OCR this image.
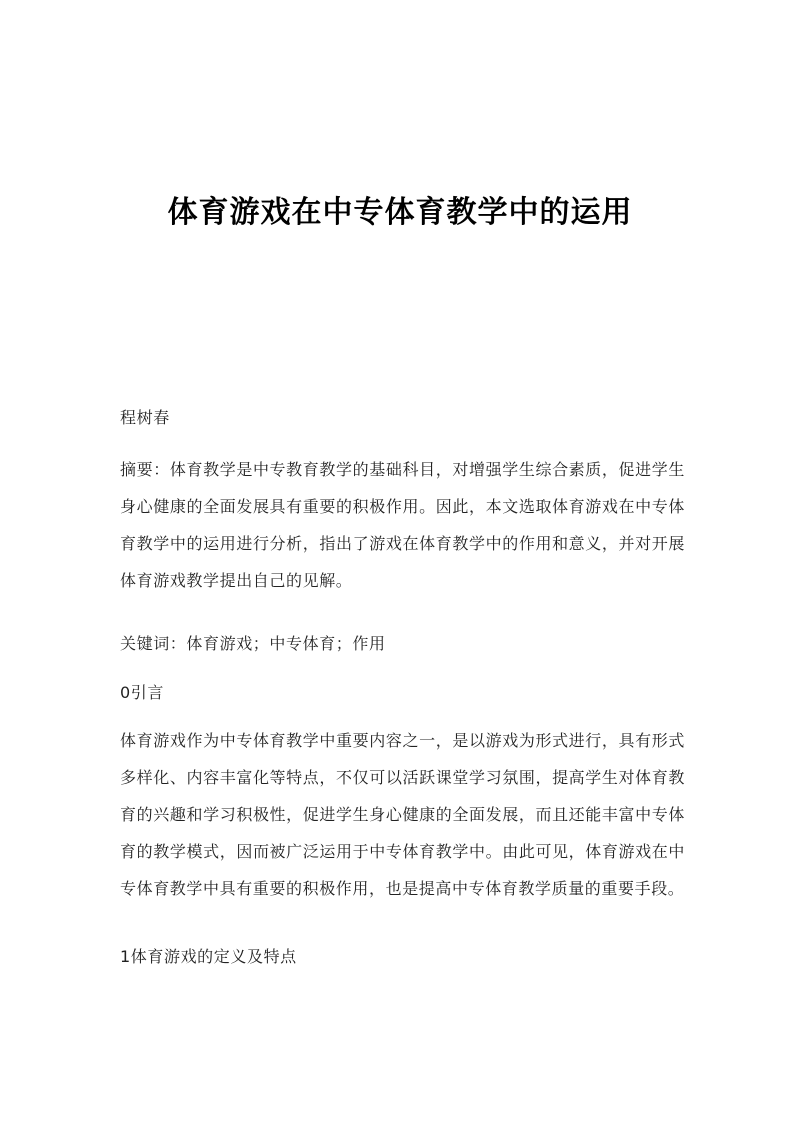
体育游戏在中专体育教学中的运用
程树春
摘要：体育教学是中专教育教学的基础科目，对增强学生综合素质，促进学生身心健康的全面发展具有重要的积极作用。因此，本文选取体育游戏在中专体育教学中的运用进行分析，指出了游戏在体育教学中的作用和意义，并对开展体育游戏教学提出自己的见解。
关键词：体育游戏；中专体育；作用
0引言
体育游戏作为中专体育教学中重要内容之一，是以游戏为形式进行，具有形式多样化、内容丰富化等特点，不仅可以活跃课堂学习氛围，提高学生对体育教育的兴趣和学习积极性，促进学生身心健康的全面发展，而且还能丰富中专体育的教学模式，因而被广泛运用于中专体育教学中。由此可见，体育游戏在中专体育教学中具有重要的积极作用，也是提高中专体育教学质量的重要手段。
1体育游戏的定义及特点
